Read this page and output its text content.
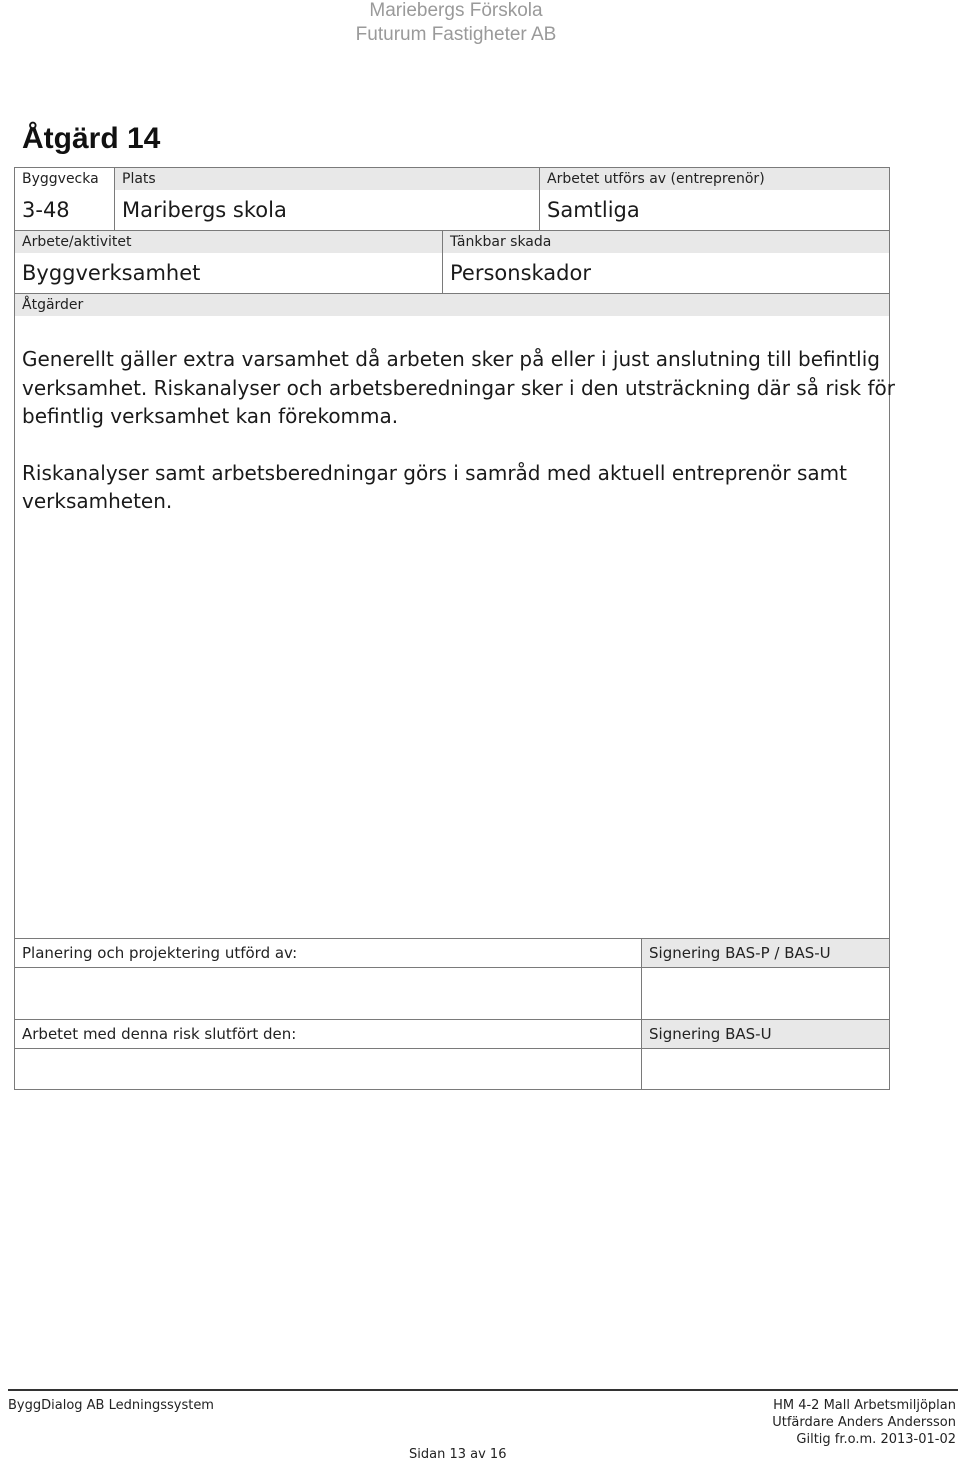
Mariebergs Förskola
Futurum Fastigheter AB
Åtgärd 14
Byggvecka	Plats	Arbetet utförs av (entreprenör)
3-48	Maribergs skola	Samtliga
Arbete/aktivitet	Tänkbar skada
Byggverksamhet	Personskador
Åtgärder

Generellt gäller extra varsamhet då arbeten sker på eller i just anslutning till befintlig verksamhet. Riskanalyser och arbetsberedningar sker i den utsträckning där så risk för befintlig verksamhet kan förekomma.

Riskanalyser samt arbetsberedningar görs i samråd med aktuell entreprenör samt verksamheten.

Planering och projektering utförd av:	Signering BAS-P / BAS-U
Arbetet med denna risk slutfört den:	Signering BAS-U
ByggDialog AB Ledningssystem	HM 4-2 Mall Arbetsmiljöplan
Utfärdare Anders Andersson
Giltig fr.o.m. 2013-01-02
Sidan 13 av 16
